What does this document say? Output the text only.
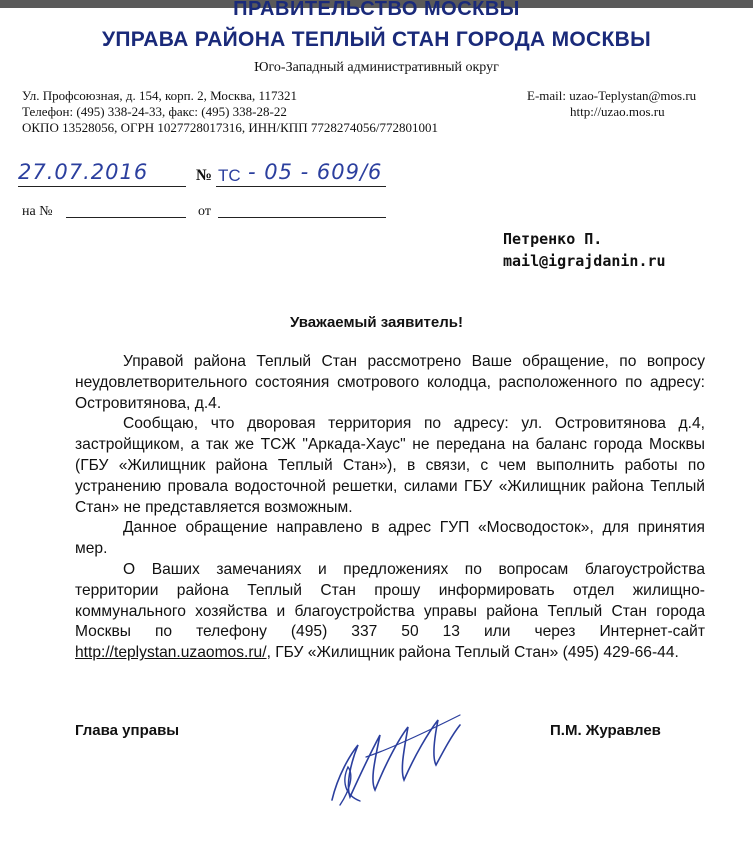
ПРАВИТЕЛЬСТВО МОСКВЫ
УПРАВА РАЙОНА ТЕПЛЫЙ СТАН ГОРОДА МОСКВЫ
Юго-Западный административный округ
Ул. Профсоюзная, д. 154, корп. 2, Москва, 117321
Телефон: (495) 338-24-33, факс: (495) 338-28-22
ОКПО 13528056, ОГРН 1027728017316, ИНН/КПП 7728274056/772801001
E-mail: uzao-Teplystan@mos.ru
http://uzao.mos.ru
27.07.2016	№ ТС - 05 - 609/6
на №	от
Петренко П.
mail@igrajdanin.ru
Уважаемый заявитель!

Управой района Теплый Стан рассмотрено Ваше обращение, по вопросу неудовлетворительного состояния смотрового колодца, расположенного по адресу: Островитянова, д.4.

Сообщаю, что дворовая территория по адресу: ул. Островитянова д.4, застройщиком, а так же ТСЖ "Аркада-Хаус" не передана на баланс города Москвы (ГБУ «Жилищник района Теплый Стан»), в связи, с чем выполнить работы по устранению провала водосточной решетки, силами ГБУ «Жилищник района Теплый Стан» не представляется возможным.

Данное обращение направлено в адрес ГУП «Мосводосток», для принятия мер.

О Ваших замечаниях и предложениях по вопросам благоустройства территории района Теплый Стан прошу информировать отдел жилищно-коммунального хозяйства и благоустройства управы района Теплый Стан города Москвы по телефону (495) 337 50 13 или через Интернет-сайт http://teplystan.uzaomos.ru/, ГБУ «Жилищник района Теплый Стан» (495) 429-66-44.

Глава управы	П.М. Журавлев
